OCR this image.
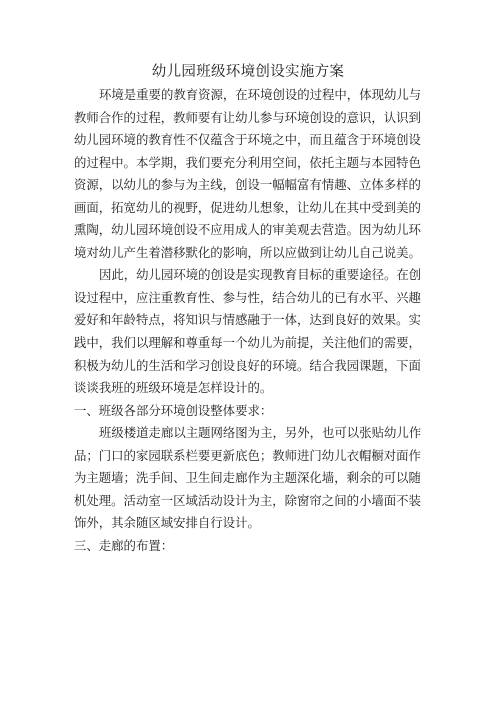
幼儿园班级环境创设实施方案
环境是重要的教育资源，在环境创设的过程中，体现幼儿与
教师合作的过程，教师要有让幼儿参与环境创设的意识，认识到
幼儿园环境的教育性不仅蕴含于环境之中，而且蕴含于环境创设
的过程中。本学期，我们要充分利用空间，依托主题与本园特色
资源，以幼儿的参与为主线，创设一幅幅富有情趣、立体多样的
画面，拓宽幼儿的视野，促进幼儿想象，让幼儿在其中受到美的
熏陶，幼儿园环境创设不应用成人的审美观去营造。因为幼儿环
境对幼儿产生着潜移默化的影响，所以应做到让幼儿自己说美。
因此，幼儿园环境的创设是实现教育目标的重要途径。在创
设过程中，应注重教育性、参与性，结合幼儿的已有水平、兴趣
爱好和年龄特点，将知识与情感融于一体，达到良好的效果。实
践中，我们以理解和尊重每一个幼儿为前提，关注他们的需要，
积极为幼儿的生活和学习创设良好的环境。结合我园课题，下面
谈谈我班的班级环境是怎样设计的。
一、班级各部分环境创设整体要求：
班级楼道走廊以主题网络图为主，另外，也可以张贴幼儿作
品；门口的家园联系栏要更新底色；教师进门幼儿衣帽橱对面作
为主题墙；洗手间、卫生间走廊作为主题深化墙，剩余的可以随
机处理。活动室一区域活动设计为主，除窗帘之间的小墙面不装
饰外，其余随区域安排自行设计。
三、走廊的布置：
